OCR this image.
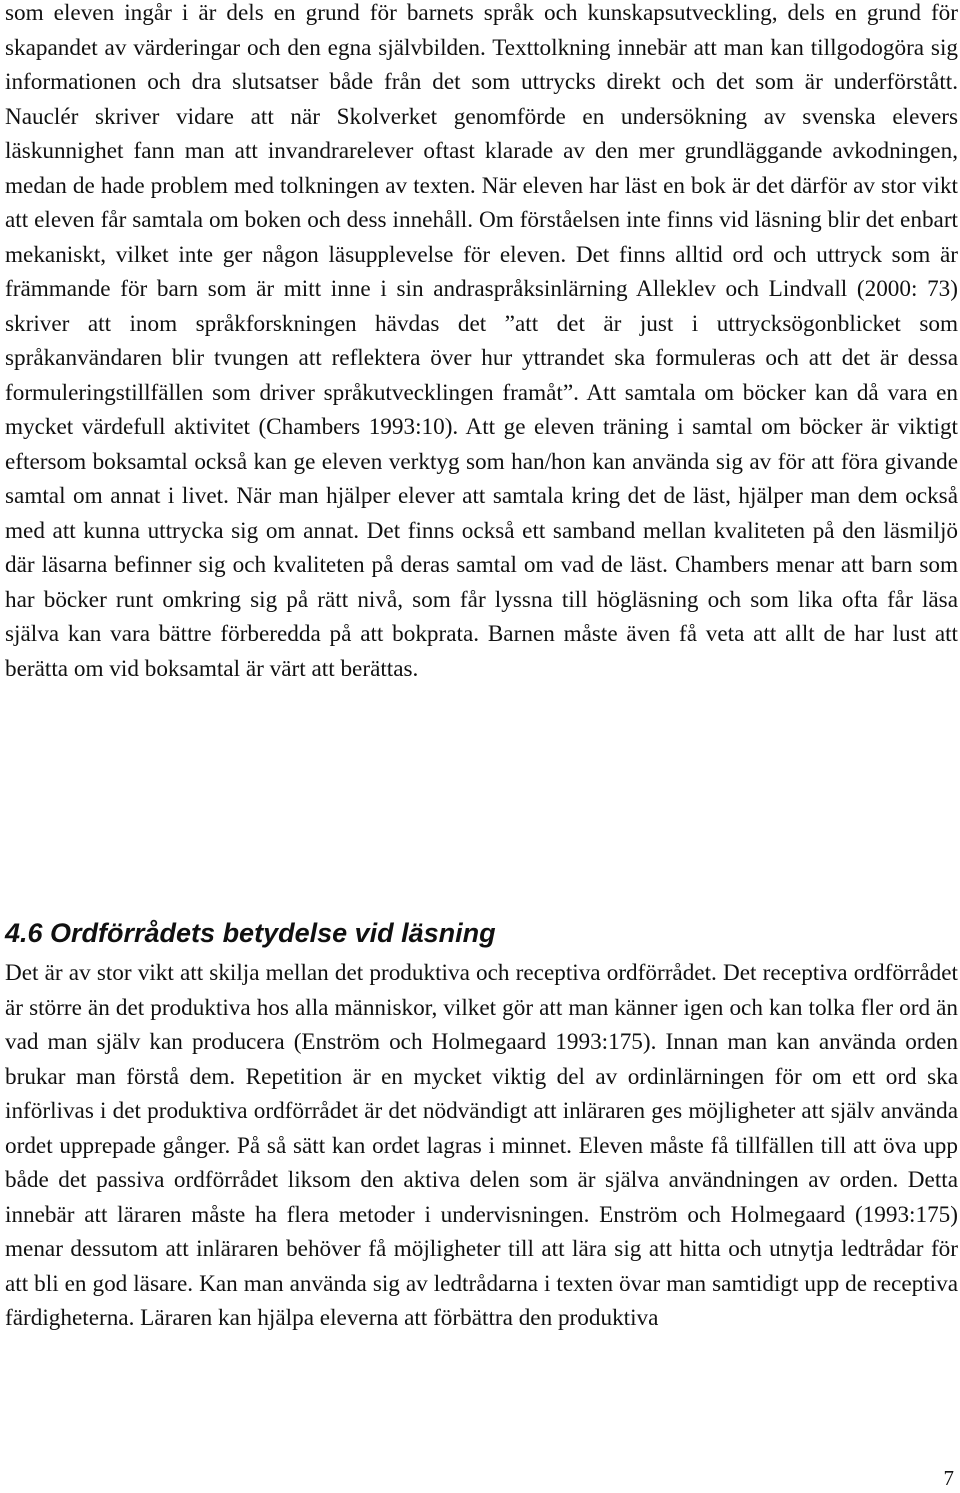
som eleven ingår i är dels en grund för barnets språk och kunskapsutveckling, dels en grund för skapandet av värderingar och den egna självbilden. Texttolkning innebär att man kan tillgodogöra sig informationen och dra slutsatser både från det som uttrycks direkt och det som är underförstått. Nauclér skriver vidare att när Skolverket genomförde en undersökning av svenska elevers läskunnighet fann man att invandrarelever oftast klarade av den mer grundläggande avkodningen, medan de hade problem med tolkningen av texten. När eleven har läst en bok är det därför av stor vikt att eleven får samtala om boken och dess innehåll. Om förståelsen inte finns vid läsning blir det enbart mekaniskt, vilket inte ger någon läsupplevelse för eleven. Det finns alltid ord och uttryck som är främmande för barn som är mitt inne i sin andraspråksinlärning Alleklev och Lindvall (2000: 73) skriver att inom språkforskningen hävdas det ”att det är just i uttrycksögonblicket som språkanvändaren blir tvungen att reflektera över hur yttrandet ska formuleras och att det är dessa formuleringstillfällen som driver språkutvecklingen framåt”. Att samtala om böcker kan då vara en mycket värdefull aktivitet (Chambers 1993:10). Att ge eleven träning i samtal om böcker är viktigt eftersom boksamtal också kan ge eleven verktyg som han/hon kan använda sig av för att föra givande samtal om annat i livet. När man hjälper elever att samtala kring det de läst, hjälper man dem också med att kunna uttrycka sig om annat. Det finns också ett samband mellan kvaliteten på den läsmiljö där läsarna befinner sig och kvaliteten på deras samtal om vad de läst. Chambers menar att barn som har böcker runt omkring sig på rätt nivå, som får lyssna till högläsning och som lika ofta får läsa själva kan vara bättre förberedda på att bokprata. Barnen måste även få veta att allt de har lust att berätta om vid boksamtal är värt att berättas.

4.6 Ordförrådets betydelse vid läsning

Det är av stor vikt att skilja mellan det produktiva och receptiva ordförrådet. Det receptiva ordförrådet är större än det produktiva hos alla människor, vilket gör att man känner igen och kan tolka fler ord än vad man själv kan producera (Enström och Holmegaard 1993:175). Innan man kan använda orden brukar man förstå dem. Repetition är en mycket viktig del av ordinlärningen för om ett ord ska införlivas i det produktiva ordförrådet är det nödvändigt att inläraren ges möjligheter att själv använda ordet upprepade gånger. På så sätt kan ordet lagras i minnet. Eleven måste få tillfällen till att öva upp både det passiva ordförrådet liksom den aktiva delen som är själva användningen av orden. Detta innebär att läraren måste ha flera metoder i undervisningen. Enström och Holmegaard (1993:175) menar dessutom att inläraren behöver få möjligheter till att lära sig att hitta och utnytja ledtrådar för att bli en god läsare. Kan man använda sig av ledtrådarna i texten övar man samtidigt upp de receptiva färdigheterna. Läraren kan hjälpa eleverna att förbättra den produktiva

7
